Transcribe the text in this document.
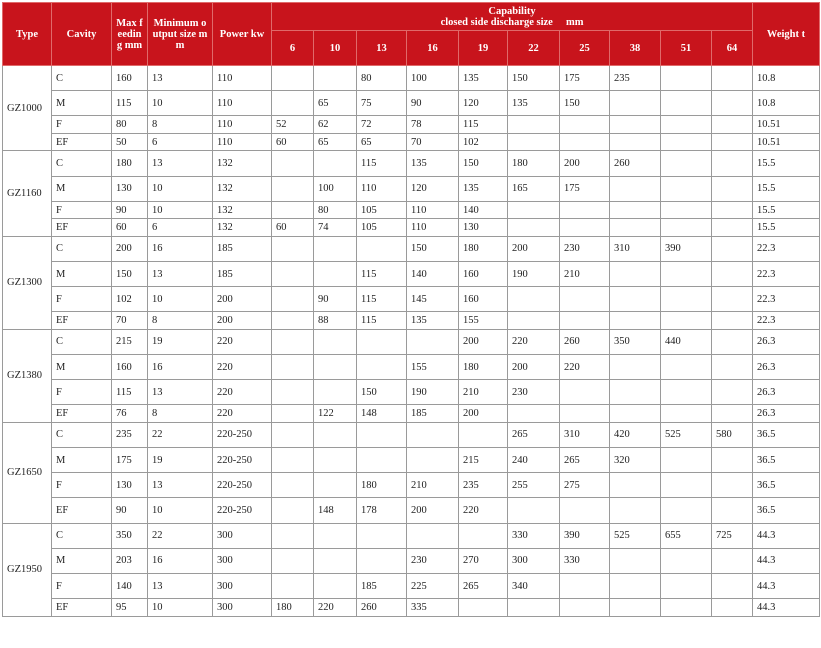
Type	Cavity	Max feeding mm	Minimum output size mm	Power kw	Capability
closed side discharge size　 mm										Weight t
					6	10	13	16	19	22	25	38	51	64	
GZ1000	C	160	13	110			80	100	135	150	175	235			10.8
	M	115	10	110		65	75	90	120	135	150				10.8
	F	80	8	110	52	62	72	78	115						10.51
	EF	50	6	110	60	65	65	70	102						10.51
GZ1160	C	180	13	132			115	135	150	180	200	260			15.5
	M	130	10	132		100	110	120	135	165	175				15.5
	F	90	10	132		80	105	110	140						15.5
	EF	60	6	132	60	74	105	110	130						15.5
GZ1300	C	200	16	185				150	180	200	230	310	390		22.3
	M	150	13	185			115	140	160	190	210				22.3
	F	102	10	200		90	115	145	160						22.3
	EF	70	8	200		88	115	135	155						22.3
GZ1380	C	215	19	220					200	220	260	350	440		26.3
	M	160	16	220				155	180	200	220				26.3
	F	115	13	220			150	190	210	230					26.3
	EF	76	8	220		122	148	185	200						26.3
GZ1650	C	235	22	220-250						265	310	420	525	580	36.5
	M	175	19	220-250					215	240	265	320			36.5
	F	130	13	220-250			180	210	235	255	275				36.5
	EF	90	10	220-250		148	178	200	220						36.5
GZ1950	C	350	22	300						330	390	525	655	725	44.3
	M	203	16	300				230	270	300	330				44.3
	F	140	13	300			185	225	265	340					44.3
	EF	95	10	300	180	220	260	335							44.3
